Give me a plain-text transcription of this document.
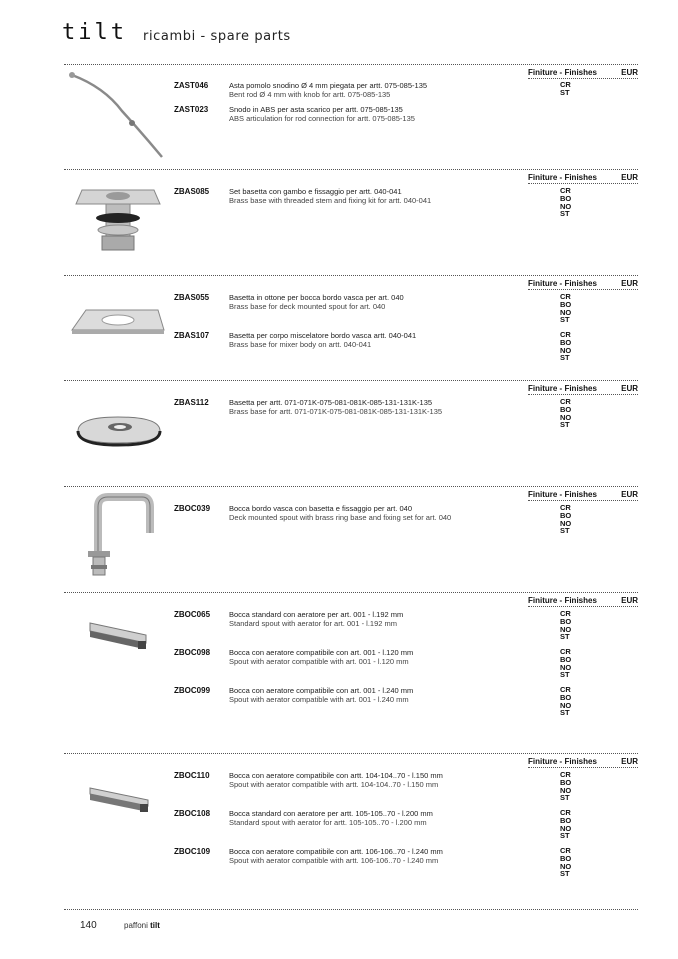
tilt ricambi - spare parts
Finiture - Finishes	EUR
ZAST046	Asta pomolo snodino Ø 4 mm piegata per artt. 075-085-135
Bent rod Ø 4 mm with knob for artt. 075-085-135
CR
ST
ZAST023	Snodo in ABS per asta scarico per artt. 075-085-135
ABS articulation for rod connection for artt. 075-085-135
Finiture - Finishes	EUR
ZBAS085	Set basetta con gambo e fissaggio per artt. 040-041
Brass base with threaded stem and fixing kit for artt. 040-041
CR
BO
NO
ST
Finiture - Finishes	EUR
ZBAS055	Basetta in ottone per bocca bordo vasca per art. 040
Brass base for deck mounted spout for art. 040
CR
BO
NO
ST
ZBAS107	Basetta per corpo miscelatore bordo vasca artt. 040-041
Brass base for mixer body on artt. 040-041
CR
BO
NO
ST
Finiture - Finishes	EUR
ZBAS112	Basetta per artt. 071-071K-075-081-081K-085-131-131K-135
Brass base for artt. 071-071K-075-081-081K-085-131-131K-135
CR
BO
NO
ST
Finiture - Finishes	EUR
ZBOC039	Bocca bordo vasca con basetta e fissaggio per art. 040
Deck mounted spout with brass ring base and fixing set for art. 040
CR
BO
NO
ST
Finiture - Finishes	EUR
ZBOC065	Bocca standard con aeratore per art. 001 - l.192 mm
Standard spout with aerator for art. 001 - l.192 mm
CR
BO
NO
ST
ZBOC098	Bocca con aeratore compatibile con art. 001 - l.120 mm
Spout with aerator compatible with art. 001 - l.120 mm
CR
BO
NO
ST
ZBOC099	Bocca con aeratore compatibile con art. 001 - l.240 mm
Spout with aerator compatible with art. 001 - l.240 mm
CR
BO
NO
ST
Finiture - Finishes	EUR
ZBOC110	Bocca con aeratore compatibile con artt. 104-104..70 - l.150 mm
Spout with aerator compatible with artt. 104-104..70 - l.150 mm
CR
BO
NO
ST
ZBOC108	Bocca standard con aeratore per artt. 105-105..70 - l.200 mm
Standard spout with aerator for artt. 105-105..70 - l.200 mm
CR
BO
NO
ST
ZBOC109	Bocca con aeratore compatibile con artt. 106-106..70 - l.240 mm
Spout with aerator compatible with artt. 106-106..70 - l.240 mm
CR
BO
NO
ST
140	paffoni tilt
